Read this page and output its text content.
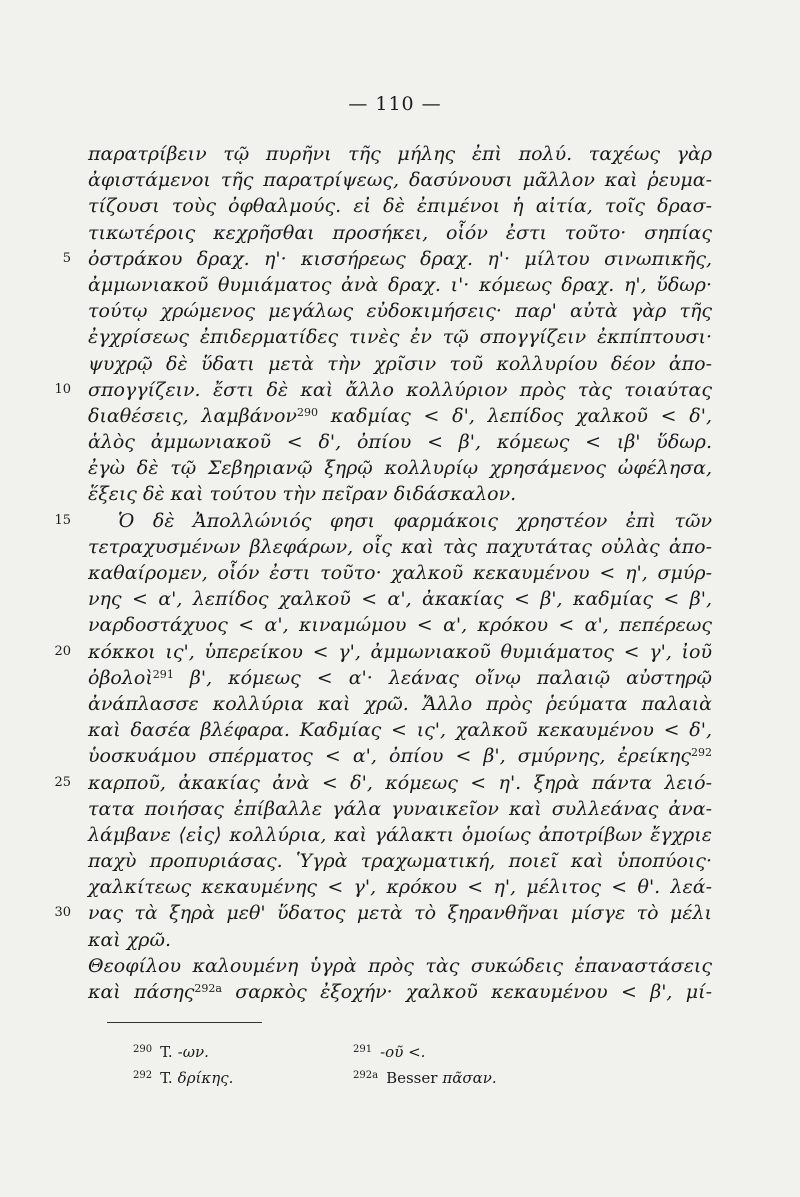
— 110 —
παρατρίβειν τῷ πυρῆνι τῆς μήλης ἐπὶ πολύ. ταχέως γὰρ
ἀφιστάμενοι τῆς παρατρίψεως, δασύνουσι μᾶλλον καὶ ῥευμα-
τίζουσι τοὺς ὀφθαλμούς. εἰ δὲ ἐπιμένοι ἡ αἰτία, τοῖς δρασ-
τικωτέροις κεχρῆσθαι προσήκει, οἷόν ἐστι τοῦτο· σηπίας
5 ὀστράκου δραχ. η'· κισσήρεως δραχ. η'· μίλτου σινωπικῆς,
ἀμμωνιακοῦ θυμιάματος ἀνὰ δραχ. ι'· κόμεως δραχ. η', ὕδωρ·
τούτῳ χρώμενος μεγάλως εὐδοκιμήσεις· παρ' αὐτὰ γὰρ τῆς
ἐγχρίσεως ἐπιδερματίδες τινὲς ἐν τῷ σπογγίζειν ἐκπίπτουσι·
ψυχρῷ δὲ ὕδατι μετὰ τὴν χρῖσιν τοῦ κολλυρίου δέον ἀπο-
10 σπογγίζειν. ἔστι δὲ καὶ ἄλλο κολλύριον πρὸς τὰς τοιαύτας
διαθέσεις, λαμβάνον$^{290}$ καδμίας < δ', λεπίδος χαλκοῦ < δ',
ἁλὸς ἀμμωνιακοῦ < δ', ὀπίου < β', κόμεως < ιβ' ὕδωρ.
ἐγὼ δὲ τῷ Σεβηριανῷ ξηρῷ κολλυρίῳ χρησάμενος ὠφέλησα,
ἕξεις δὲ καὶ τούτου τὴν πεῖραν διδάσκαλον.
15 Ὁ δὲ Ἀπολλώνιός φησι φαρμάκοις χρηστέον ἐπὶ τῶν
τετραχυσμένων βλεφάρων, οἷς καὶ τὰς παχυτάτας οὐλὰς ἀπο-
καθαίρομεν, οἷόν ἐστι τοῦτο· χαλκοῦ κεκαυμένου < η', σμύρ-
νης < α', λεπίδος χαλκοῦ < α', ἀκακίας < β', καδμίας < β',
ναρδοστάχυος < α', κιναμώμου < α', κρόκου < α', πεπέρεως
20 κόκκοι ις', ὑπερείκου < γ', ἀμμωνιακοῦ θυμιάματος < γ', ἰοῦ
ὀβολοὶ$^{291}$ β', κόμεως < α'· λεάνας οἴνῳ παλαιῷ αὐστηρῷ
ἀνάπλασσε κολλύρια καὶ χρῶ. Ἄλλο πρὸς ῥεύματα παλαιὰ
καὶ δασέα βλέφαρα. Καδμίας < ις', χαλκοῦ κεκαυμένου < δ',
ὑοσκυάμου σπέρματος < α', ὀπίου < β', σμύρνης, ἐρείκης$^{292}$
25 καρποῦ, ἀκακίας ἀνὰ < δ', κόμεως < η'. ξηρὰ πάντα λειό-
τατα ποιήσας ἐπίβαλλε γάλα γυναικεῖον καὶ συλλεάνας ἀνα-
λάμβανε ⟨εἰς⟩ κολλύρια, καὶ γάλακτι ὁμοίως ἀποτρίβων ἔγχριε
παχὺ προπυριάσας. Ὑγρὰ τραχωματική, ποιεῖ καὶ ὑποπύοις·
χαλκίτεως κεκαυμένης < γ', κρόκου < η', μέλιτος < θ'. λεά-
30 νας τὰ ξηρὰ μεθ' ὕδατος μετὰ τὸ ξηρανθῆναι μίσγε τὸ μέλι
καὶ χρῶ.
Θεοφίλου καλουμένη ὑγρὰ πρὸς τὰς συκώδεις ἐπαναστάσεις
καὶ πάσης$^{292a}$ σαρκὸς ἐξοχήν· χαλκοῦ κεκαυμένου < β', μί-
$^{290}$ T. -ων.	$^{291}$ -οῦ <.
$^{292}$ T. δρίκης.	$^{292a}$ Besser πᾶσαν.
